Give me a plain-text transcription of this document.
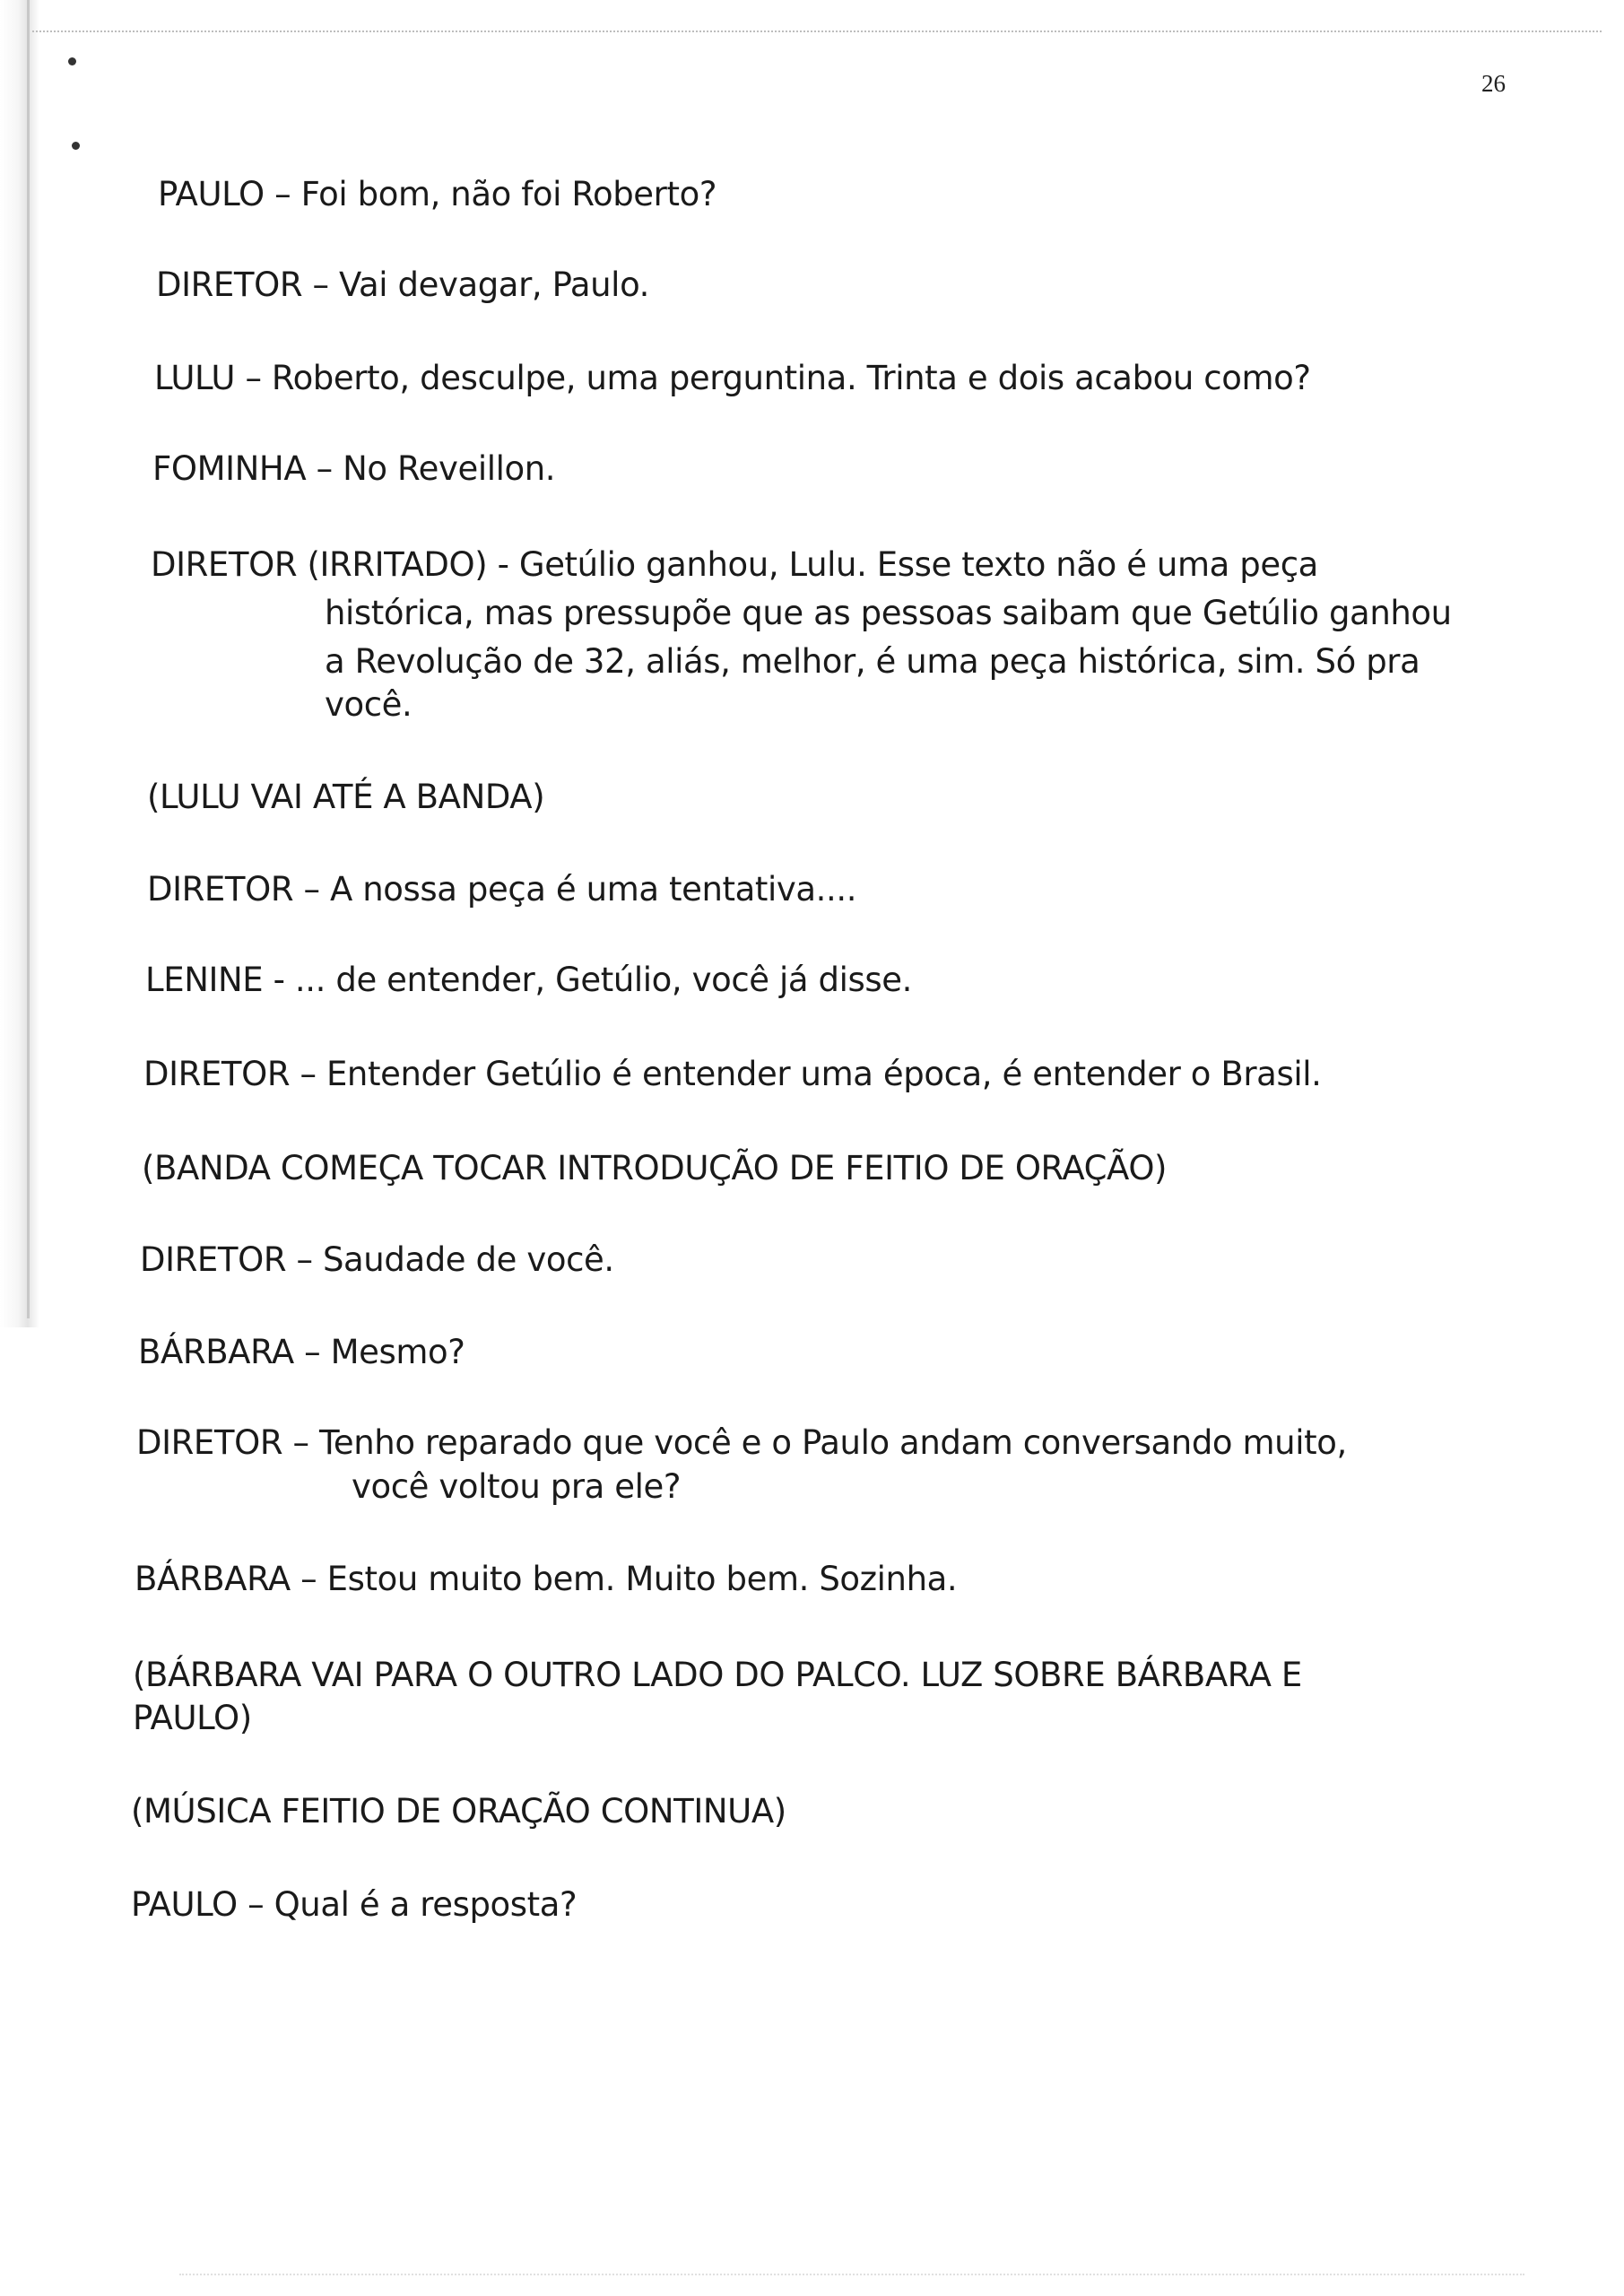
26

PAULO – Foi bom, não foi Roberto?

DIRETOR – Vai devagar, Paulo.

LULU – Roberto, desculpe, uma perguntina. Trinta e dois acabou como?

FOMINHA – No Reveillon.

DIRETOR (IRRITADO) - Getúlio ganhou, Lulu. Esse texto não é uma peça

histórica, mas pressupõe que as pessoas saibam que Getúlio ganhou

a Revolução de 32, aliás, melhor, é uma peça histórica, sim. Só pra

você.

(LULU VAI ATÉ A BANDA)

DIRETOR – A nossa peça é uma tentativa....

LENINE - ... de entender, Getúlio, você já disse.

DIRETOR – Entender Getúlio é entender uma época, é entender o Brasil.

(BANDA COMEÇA TOCAR INTRODUÇÃO DE FEITIO DE ORAÇÃO)

DIRETOR – Saudade de você.

BÁRBARA – Mesmo?

DIRETOR – Tenho reparado que você e o Paulo andam conversando muito,

você voltou pra ele?

BÁRBARA – Estou muito bem. Muito bem. Sozinha.

(BÁRBARA VAI PARA O OUTRO LADO DO PALCO. LUZ SOBRE BÁRBARA E

PAULO)

(MÚSICA FEITIO DE ORAÇÃO CONTINUA)

PAULO – Qual é a resposta?
